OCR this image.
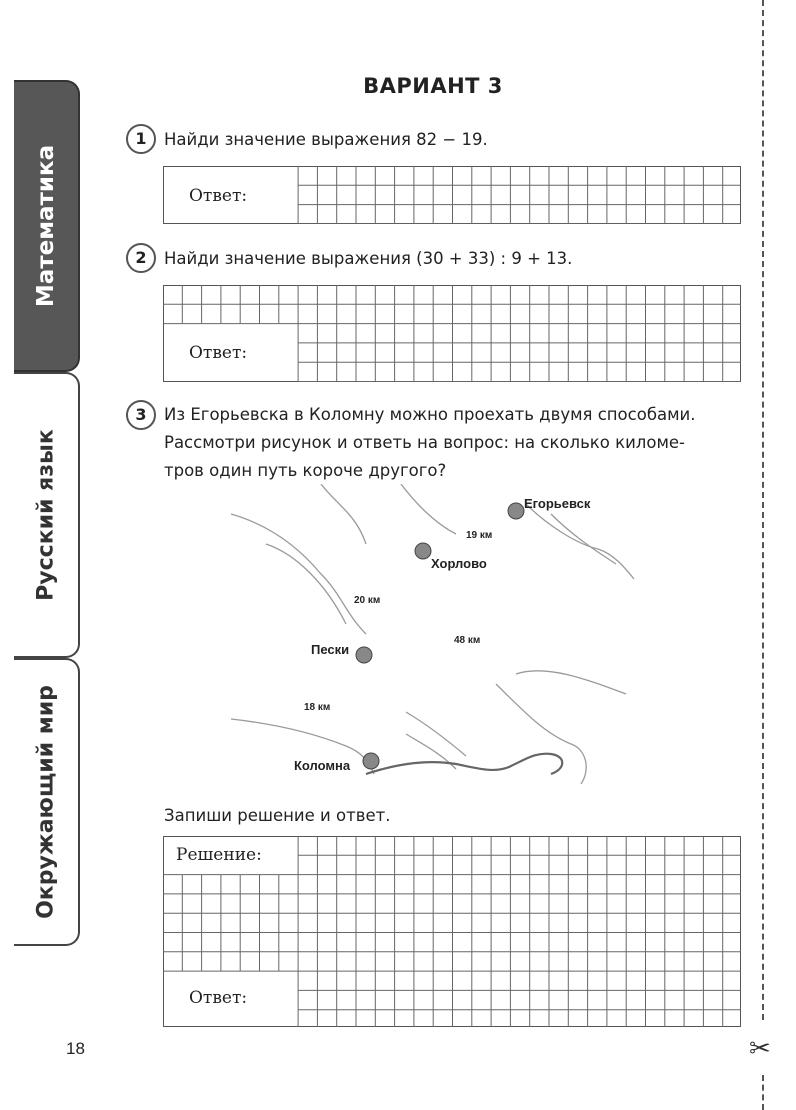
Математика
Русский язык
Окружающий мир
✂
ВАРИАНТ 3
1	Найди значение выражения 82 − 19.
Ответ:
2	Найди значение выражения (30 + 33) : 9 + 13.
Ответ:
3	Из Егорьевска в Коломну можно проехать двумя способами.
Рассмотри рисунок и ответь на вопрос: на сколько киломе-
тров один путь короче другого?
Егорьевск
Хорлово
Пески
Коломна
19 км
20 км
48 км
18 км
Запиши решение и ответ.
Решение:
Ответ:
18
